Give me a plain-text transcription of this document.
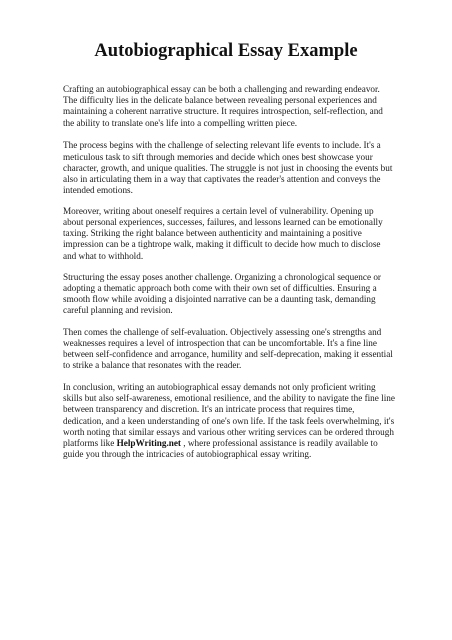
Autobiographical Essay Example

Crafting an autobiographical essay can be both a challenging and rewarding endeavor. The difficulty lies in the delicate balance between revealing personal experiences and maintaining a coherent narrative structure. It requires introspection, self-reflection, and the ability to translate one's life into a compelling written piece.

The process begins with the challenge of selecting relevant life events to include. It's a meticulous task to sift through memories and decide which ones best showcase your character, growth, and unique qualities. The struggle is not just in choosing the events but also in articulating them in a way that captivates the reader's attention and conveys the intended emotions.

Moreover, writing about oneself requires a certain level of vulnerability. Opening up about personal experiences, successes, failures, and lessons learned can be emotionally taxing. Striking the right balance between authenticity and maintaining a positive impression can be a tightrope walk, making it difficult to decide how much to disclose and what to withhold.

Structuring the essay poses another challenge. Organizing a chronological sequence or adopting a thematic approach both come with their own set of difficulties. Ensuring a smooth flow while avoiding a disjointed narrative can be a daunting task, demanding careful planning and revision.

Then comes the challenge of self-evaluation. Objectively assessing one's strengths and weaknesses requires a level of introspection that can be uncomfortable. It's a fine line between self-confidence and arrogance, humility and self-deprecation, making it essential to strike a balance that resonates with the reader.

In conclusion, writing an autobiographical essay demands not only proficient writing skills but also self-awareness, emotional resilience, and the ability to navigate the fine line between transparency and discretion. It's an intricate process that requires time, dedication, and a keen understanding of one's own life. If the task feels overwhelming, it's worth noting that similar essays and various other writing services can be ordered through platforms like HelpWriting.net , where professional assistance is readily available to guide you through the intricacies of autobiographical essay writing.
